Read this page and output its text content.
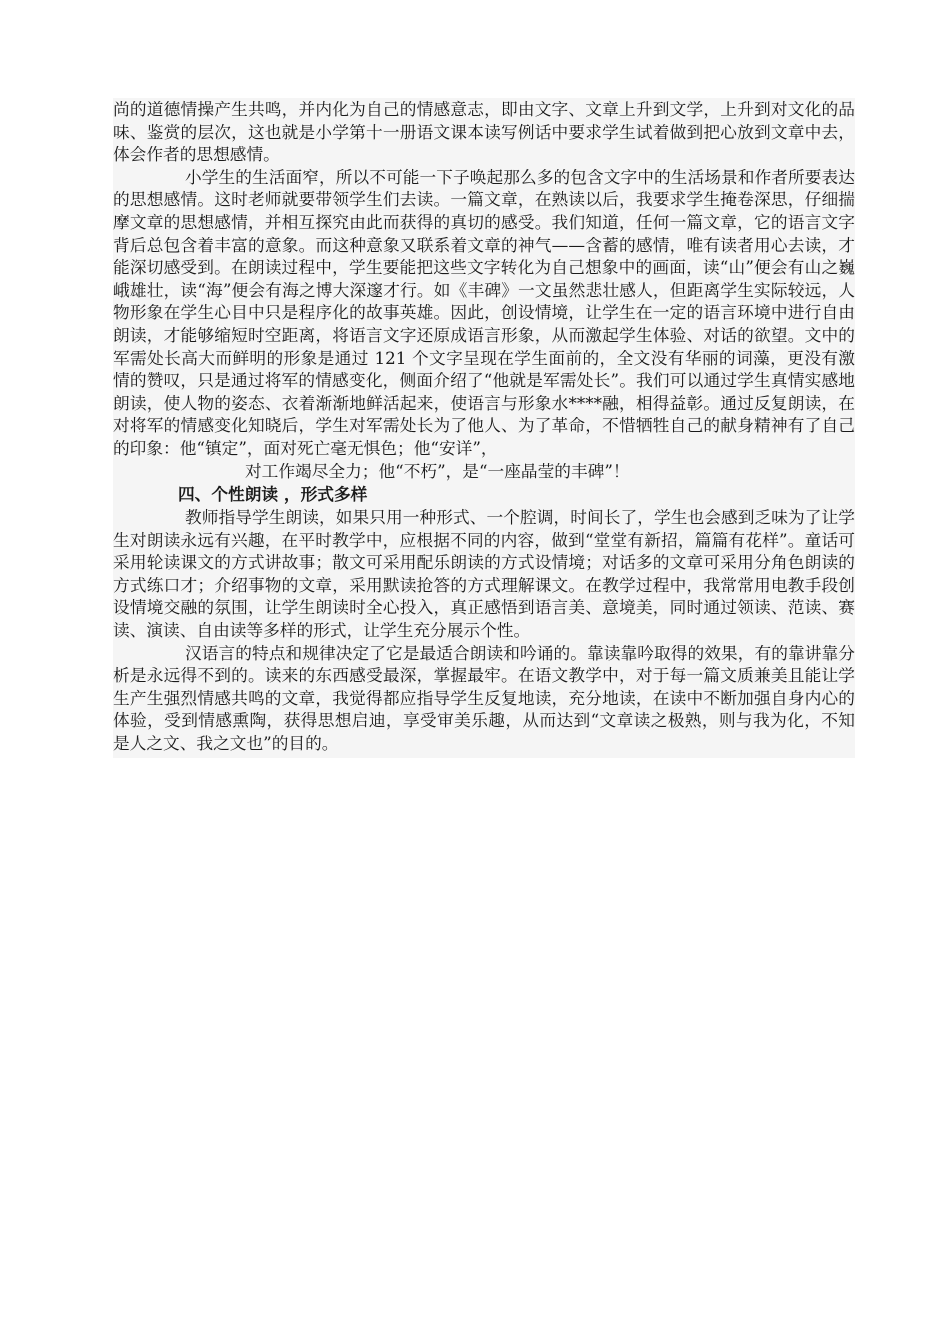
尚的道德情操产生共鸣，并内化为自己的情感意志，即由文字、文章上升到文学，上升到对文化的品味、鉴赏的层次，这也就是小学第十一册语文课本读写例话中要求学生试着做到把心放到文章中去，体会作者的思想感情。

小学生的生活面窄，所以不可能一下子唤起那么多的包含文字中的生活场景和作者所要表达的思想感情。这时老师就要带领学生们去读。一篇文章，在熟读以后，我要求学生掩卷深思，仔细揣摩文章的思想感情，并相互探究由此而获得的真切的感受。我们知道，任何一篇文章，它的语言文字背后总包含着丰富的意象。而这种意象又联系着文章的神气——含蓄的感情，唯有读者用心去读，才能深切感受到。在朗读过程中，学生要能把这些文字转化为自己想象中的画面，读“山”便会有山之巍峨雄壮，读“海”便会有海之博大深邃才行。如《丰碑》一文虽然悲壮感人，但距离学生实际较远，人物形象在学生心目中只是程序化的故事英雄。因此，创设情境，让学生在一定的语言环境中进行自由朗读，才能够缩短时空距离，将语言文字还原成语言形象，从而激起学生体验、对话的欲望。文中的军需处长高大而鲜明的形象是通过 121 个文字呈现在学生面前的，全文没有华丽的词藻，更没有激情的赞叹，只是通过将军的情感变化，侧面介绍了“他就是军需处长”。我们可以通过学生真情实感地朗读，使人物的姿态、衣着渐渐地鲜活起来，使语言与形象水****融，相得益彰。通过反复朗读，在对将军的情感变化知晓后，学生对军需处长为了他人、为了革命，不惜牺牲自己的献身精神有了自己的印象：他“镇定”，面对死亡毫无惧色；他“安详”，

对工作竭尽全力；他“不朽”，是“一座晶莹的丰碑”！

四、个性朗读 ，形式多样

教师指导学生朗读，如果只用一种形式、一个腔调，时间长了，学生也会感到乏味为了让学生对朗读永远有兴趣，在平时教学中，应根据不同的内容，做到“堂堂有新招，篇篇有花样”。童话可采用轮读课文的方式讲故事；散文可采用配乐朗读的方式设情境；对话多的文章可采用分角色朗读的方式练口才；介绍事物的文章，采用默读抢答的方式理解课文。在教学过程中，我常常用电教手段创设情境交融的氛围，让学生朗读时全心投入，真正感悟到语言美、意境美，同时通过领读、范读、赛读、演读、自由读等多样的形式，让学生充分展示个性。

汉语言的特点和规律决定了它是最适合朗读和吟诵的。靠读靠吟取得的效果，有的靠讲靠分析是永远得不到的。读来的东西感受最深，掌握最牢。在语文教学中，对于每一篇文质兼美且能让学生产生强烈情感共鸣的文章，我觉得都应指导学生反复地读，充分地读，在读中不断加强自身内心的体验，受到情感熏陶，获得思想启迪，享受审美乐趣，从而达到“文章读之极熟，则与我为化，不知是人之文、我之文也”的目的。
